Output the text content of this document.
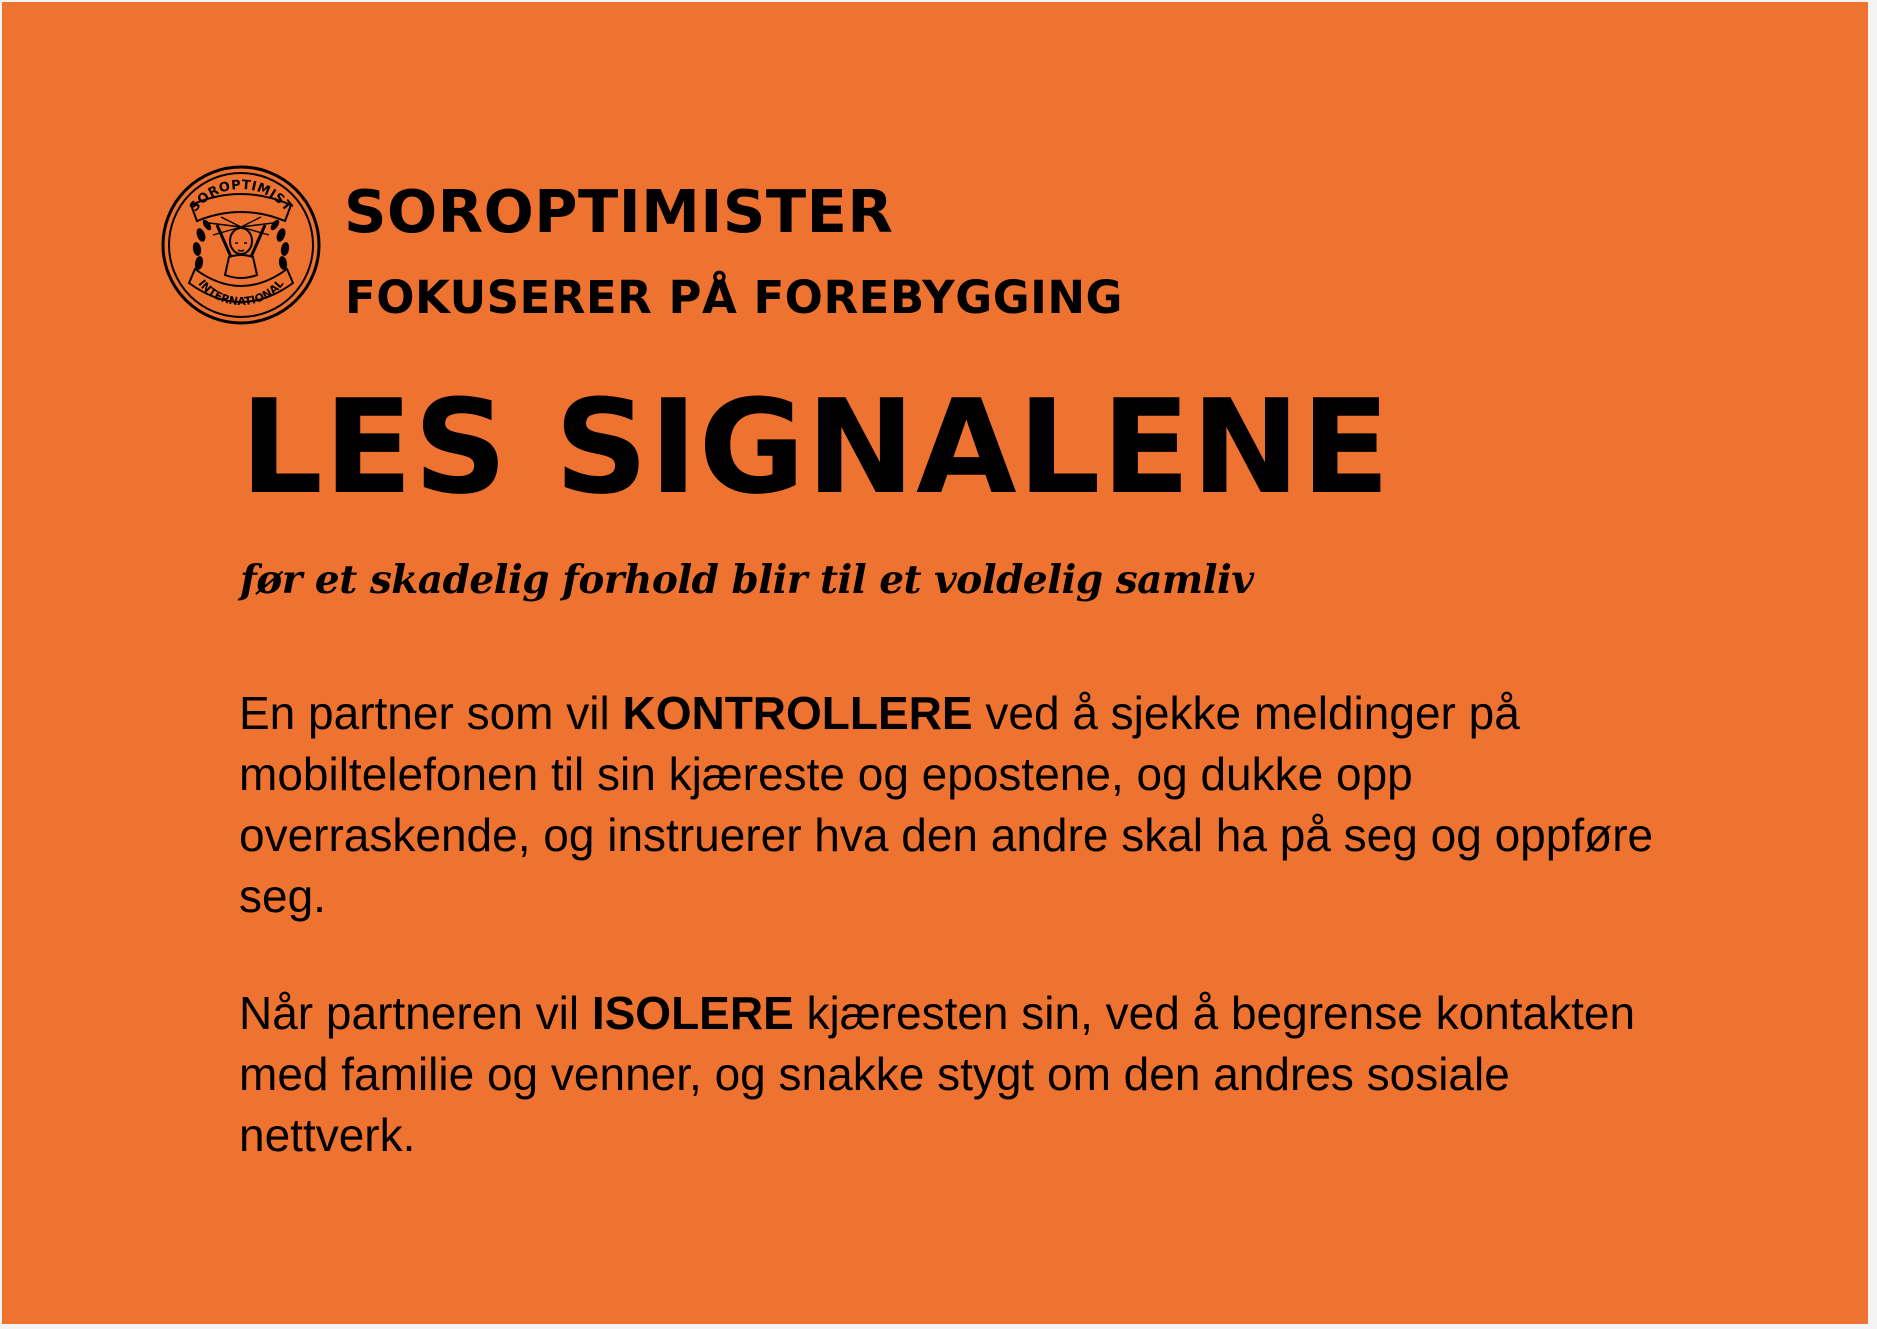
SOROPTIMIST
INTERNATIONAL
SOROPTIMISTER
FOKUSERER PÅ FOREBYGGING
LES SIGNALENE

før et skadelig forhold blir til et voldelig samliv

En partner som vil KONTROLLERE ved å sjekke meldinger på mobiltelefonen til sin kjæreste og epostene, og dukke opp overraskende, og instruerer hva den andre skal ha på seg og oppføre seg.

Når partneren vil ISOLERE kjæresten sin, ved å begrense kontakten med familie og venner, og snakke stygt om den andres sosiale nettverk.
